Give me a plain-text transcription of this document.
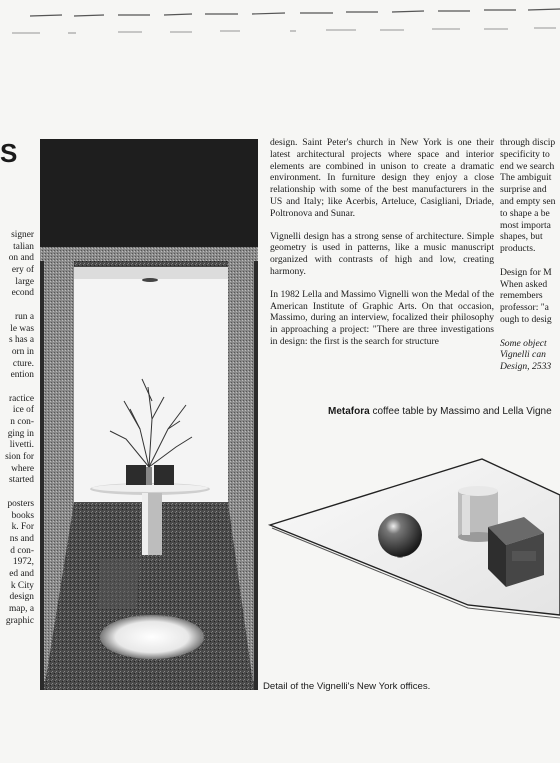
S
signer
talian
on and
ery of
large
econd
run a
le was
s has a
orn in
cture.
ention
ractice
ice of
n con-
ging in
livetti.
sion for
where
started
posters
books
k. For
ns and
d con-
1972,
ed and
k City
design
map, a
graphic

design. Saint Peter's church in New York is one their latest architectural projects where space and interior elements are combined in unison to create a dramatic environment. In furniture design they enjoy a close relationship with some of the best manufacturers in the US and Italy; like Acerbis, Arteluce, Casigliani, Driade, Poltronova and Sunar.

Vignelli design has a strong sense of architecture. Simple geometry is used in patterns, like a music manuscript organized with contrasts of high and low, creating harmony.

In 1982 Lella and Massimo Vignelli won the Medal of the American Institute of Graphic Arts. On that occasion, Massimo, during an interview, focalized their philosophy in approaching a project: "There are three investigations in design: the first is the search for structure

through discip
specificity to
end we search
The ambiguit
surprise and
and empty sen
to shape a be
most importa
shapes, but
products.
Design for M
When asked
remembers
professor: "a
ough to desig
Some object
Vignelli can
Design, 2533
Metafora coffee table by Massimo and Lella Vigne
Detail of the Vignelli's New York offices.
